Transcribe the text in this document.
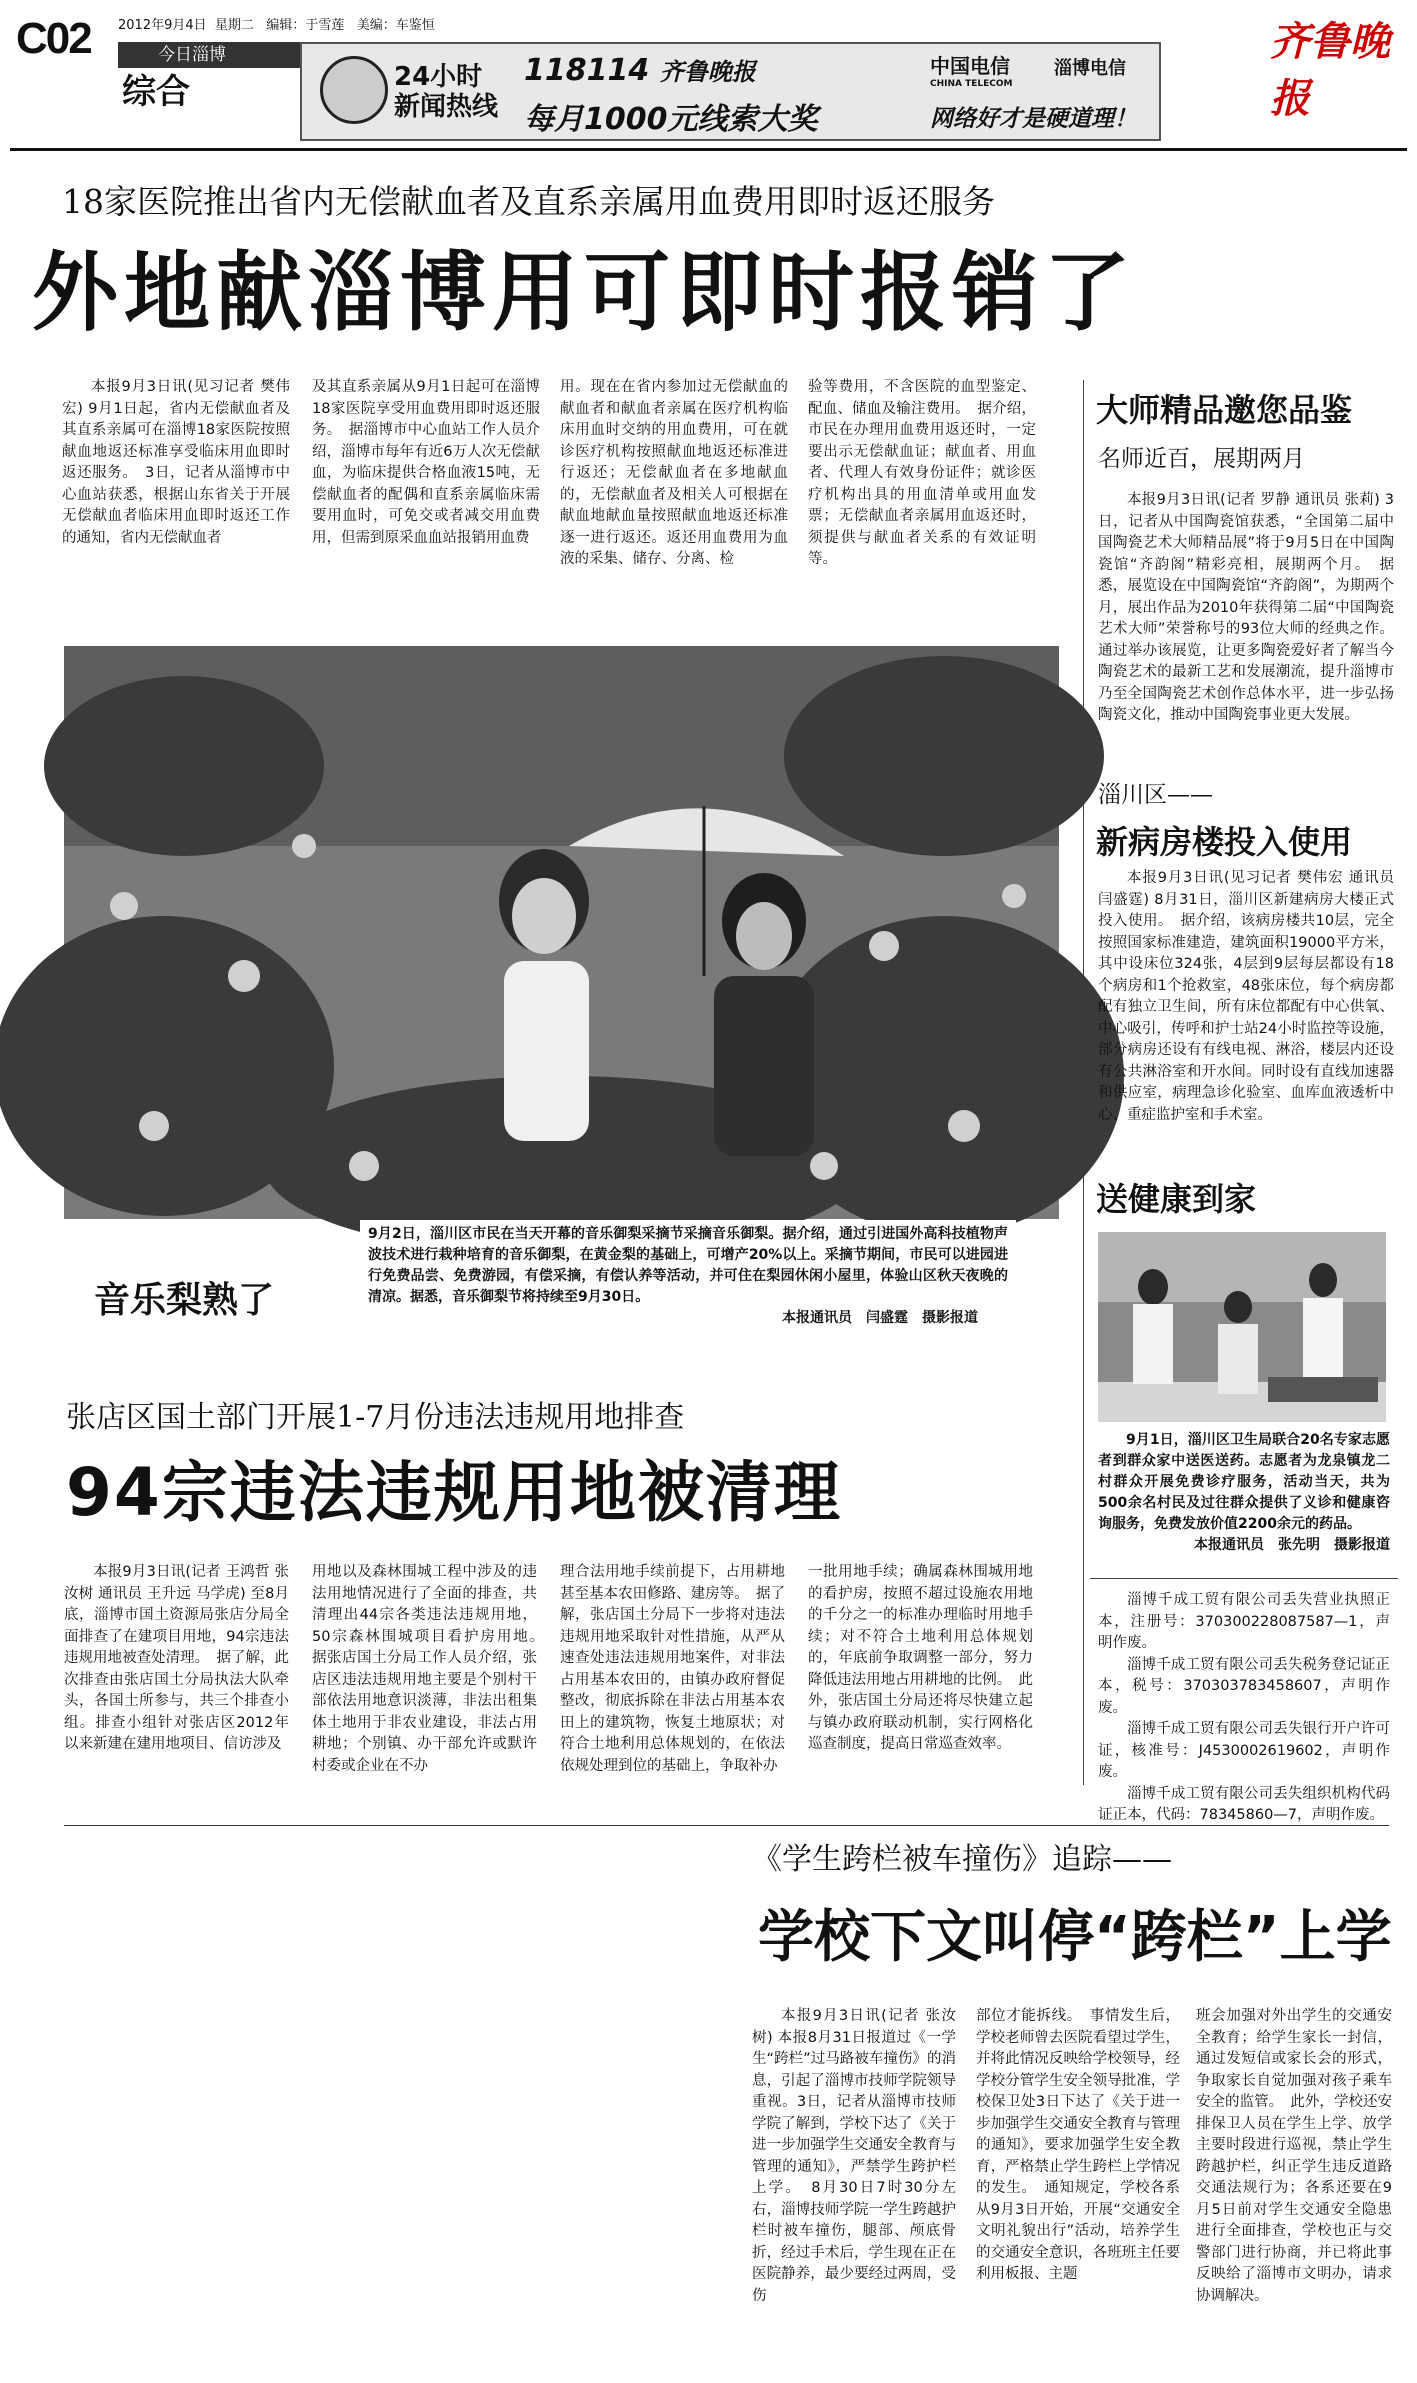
C02 2012年9月4日 星期二 编辑：于雪莲 美编：车鉴恒
今日淄博
综合	24小时
新闻热线
118114 齐鲁晚报
每月1000元线索大奖
中国电信
CHINA TELECOM
淄博电信
网络好才是硬道理！
齐鲁晚报
18家医院推出省内无偿献血者及直系亲属用血费用即时返还服务
外地献淄博用可即时报销了

本报9月3日讯(见习记者 樊伟宏) 9月1日起，省内无偿献血者及其直系亲属可在淄博18家医院按照献血地返还标准享受临床用血即时返还服务。　3日，记者从淄博市中心血站获悉，根据山东省关于开展无偿献血者临床用血即时返还工作的通知，省内无偿献血者

及其直系亲属从9月1日起可在淄博18家医院享受用血费用即时返还服务。　据淄博市中心血站工作人员介绍，淄博市每年有近6万人次无偿献血，为临床提供合格血液15吨，无偿献血者的配偶和直系亲属临床需要用血时，可免交或者减交用血费用，但需到原采血血站报销用血费

用。现在在省内参加过无偿献血的献血者和献血者亲属在医疗机构临床用血时交纳的用血费用，可在就诊医疗机构按照献血地返还标准进行返还；无偿献血者在多地献血的，无偿献血者及相关人可根据在献血地献血量按照献血地返还标准逐一进行返还。返还用血费用为血液的采集、储存、分离、检

验等费用，不含医院的血型鉴定、配血、储血及输注费用。　据介绍，市民在办理用血费用返还时，一定要出示无偿献血证；献血者、用血者、代理人有效身份证件；就诊医疗机构出具的用血清单或用血发票；无偿献血者亲属用血返还时，须提供与献血者关系的有效证明等。

音乐梨熟了
9月2日，淄川区市民在当天开幕的音乐御梨采摘节采摘音乐御梨。据介绍，通过引进国外高科技植物声波技术进行栽种培育的音乐御梨，在黄金梨的基础上，可增产20%以上。采摘节期间，市民可以进园进行免费品尝、免费游园，有偿采摘，有偿认养等活动，并可住在梨园休闲小屋里，体验山区秋天夜晚的清凉。据悉，音乐御梨节将持续至9月30日。
本报通讯员　闫盛霆　摄影报道
张店区国土部门开展1-7月份违法违规用地排查
94宗违法违规用地被清理

本报9月3日讯(记者 王鸿哲 张汝树 通讯员 王升远 马学虎) 至8月底，淄博市国土资源局张店分局全面排查了在建项目用地，94宗违法违规用地被查处清理。　据了解，此次排查由张店国土分局执法大队牵头，各国土所参与，共三个排查小组。排查小组针对张店区2012年以来新建在建用地项目、信访涉及

用地以及森林围城工程中涉及的违法用地情况进行了全面的排查，共清理出44宗各类违法违规用地，50宗森林围城项目看护房用地。　据张店国土分局工作人员介绍，张店区违法违规用地主要是个别村干部依法用地意识淡薄，非法出租集体土地用于非农业建设，非法占用耕地；个别镇、办干部允许或默许村委或企业在不办

理合法用地手续前提下，占用耕地甚至基本农田修路、建房等。　据了解，张店国土分局下一步将对违法违规用地采取针对性措施，从严从速查处违法违规用地案件，对非法占用基本农田的，由镇办政府督促整改，彻底拆除在非法占用基本农田上的建筑物，恢复土地原状；对符合土地利用总体规划的，在依法依规处理到位的基础上，争取补办

一批用地手续；确属森林围城用地的看护房，按照不超过设施农用地的千分之一的标准办理临时用地手续；对不符合土地利用总体规划的，年底前争取调整一部分，努力降低违法用地占用耕地的比例。　此外，张店国土分局还将尽快建立起与镇办政府联动机制，实行网格化巡查制度，提高日常巡查效率。

大师精品邀您品鉴
名师近百，展期两月

本报9月3日讯(记者 罗静 通讯员 张莉) 3日，记者从中国陶瓷馆获悉，“全国第二届中国陶瓷艺术大师精品展”将于9月5日在中国陶瓷馆“齐韵阁”精彩亮相，展期两个月。　据悉，展览设在中国陶瓷馆“齐韵阁”，为期两个月，展出作品为2010年获得第二届“中国陶瓷艺术大师”荣誉称号的93位大师的经典之作。通过举办该展览，让更多陶瓷爱好者了解当今陶瓷艺术的最新工艺和发展潮流，提升淄博市乃至全国陶瓷艺术创作总体水平，进一步弘扬陶瓷文化，推动中国陶瓷事业更大发展。

淄川区——
新病房楼投入使用

本报9月3日讯(见习记者 樊伟宏 通讯员 闫盛霆) 8月31日，淄川区新建病房大楼正式投入使用。　据介绍，该病房楼共10层，完全按照国家标准建造，建筑面积19000平方米，其中设床位324张，4层到9层每层都设有18个病房和1个抢救室，48张床位，每个病房都配有独立卫生间，所有床位都配有中心供氧、中心吸引，传呼和护士站24小时监控等设施，部分病房还设有有线电视、淋浴，楼层内还设有公共淋浴室和开水间。同时设有直线加速器和供应室，病理急诊化验室、血库血液透析中心、重症监护室和手术室。

送健康到家
9月1日，淄川区卫生局联合20名专家志愿者到群众家中送医送药。志愿者为龙泉镇龙二村群众开展免费诊疗服务，活动当天，共为500余名村民及过往群众提供了义诊和健康咨询服务，免费发放价值2200余元的药品。
本报通讯员　张先明　摄影报道

淄博千成工贸有限公司丢失营业执照正本，注册号：370300228087587—1，声明作废。

淄博千成工贸有限公司丢失税务登记证正本，税号：370303783458607，声明作废。

淄博千成工贸有限公司丢失银行开户许可证，核准号：J4530002619602，声明作废。

淄博千成工贸有限公司丢失组织机构代码证正本，代码：78345860—7，声明作废。

《学生跨栏被车撞伤》追踪——
学校下文叫停“跨栏”上学

本报9月3日讯(记者 张汝树) 本报8月31日报道过《一学生“跨栏”过马路被车撞伤》的消息，引起了淄博市技师学院领导重视。3日，记者从淄博市技师学院了解到，学校下达了《关于进一步加强学生交通安全教育与管理的通知》，严禁学生跨护栏上学。　8月30日7时30分左右，淄博技师学院一学生跨越护栏时被车撞伤，腿部、颅底骨折，经过手术后，学生现在正在医院静养，最少要经过两周，受伤

部位才能拆线。　事情发生后，学校老师曾去医院看望过学生，并将此情况反映给学校领导，经学校分管学生安全领导批准，学校保卫处3日下达了《关于进一步加强学生交通安全教育与管理的通知》，要求加强学生安全教育，严格禁止学生跨栏上学情况的发生。　通知规定，学校各系从9月3日开始，开展“交通安全文明礼貌出行”活动，培养学生的交通安全意识，各班班主任要利用板报、主题

班会加强对外出学生的交通安全教育；给学生家长一封信，通过发短信或家长会的形式，争取家长自觉加强对孩子乘车安全的监管。　此外，学校还安排保卫人员在学生上学、放学主要时段进行巡视，禁止学生跨越护栏，纠正学生违反道路交通法规行为；各系还要在9月5日前对学生交通安全隐患进行全面排查，学校也正与交警部门进行协商，并已将此事反映给了淄博市文明办，请求协调解决。
